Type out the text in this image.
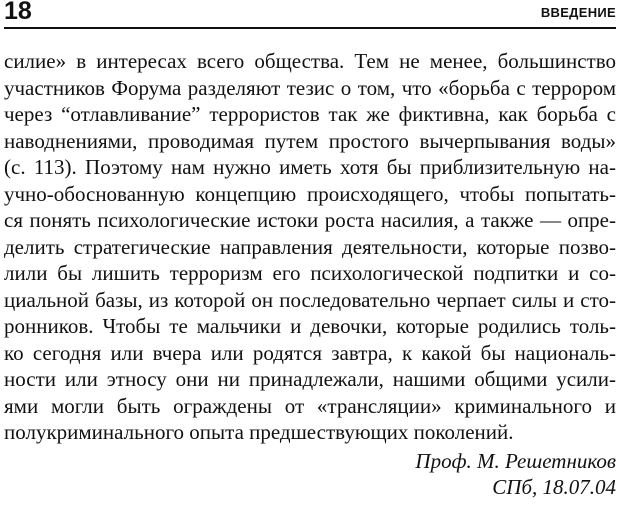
18	ВВЕДЕНИЕ
силие» в интересах всего общества. Тем не менее, большинство
участников Форума разделяют тезис о том, что «борьба с террором
через “отлавливание” террористов так же фиктивна, как борьба с
наводнениями, проводимая путем простого вычерпывания воды»
(с. 113). Поэтому нам нужно иметь хотя бы приблизительную на-
учно-обоснованную концепцию происходящего, чтобы попытать-
ся понять психологические истоки роста насилия, а также — опре-
делить стратегические направления деятельности, которые позво-
лили бы лишить терроризм его психологической подпитки и со-
циальной базы, из которой он последовательно черпает силы и сто-
ронников. Чтобы те мальчики и девочки, которые родились толь-
ко сегодня или вчера или родятся завтра, к какой бы националь-
ности или этносу они ни принадлежали, нашими общими усили-
ями могли быть ограждены от «трансляции» криминального и
полукриминального опыта предшествующих поколений.
Проф. М. Решетников
СПб, 18.07.04
